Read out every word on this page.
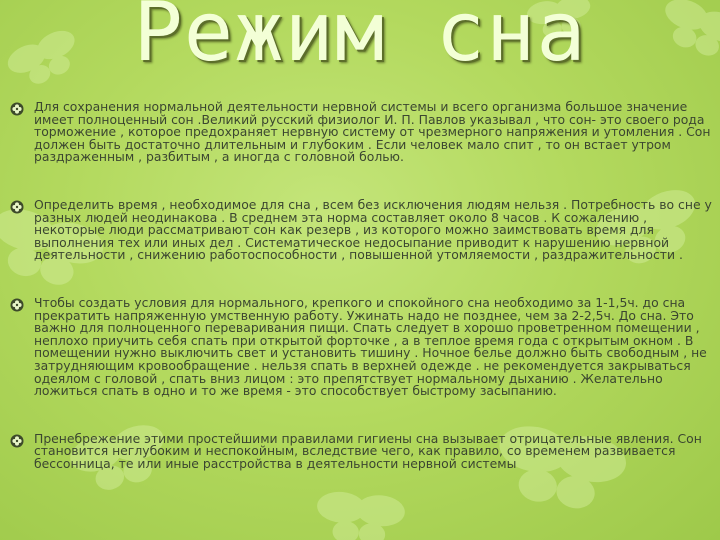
Режим сна

Для сохранения нормальной деятельности нервной системы и всего организма большое значение имеет полноценный сон .Великий русский физиолог И. П. Павлов указывал , что сон- это своего рода торможение , которое предохраняет нервную систему от чрезмерного напряжения и утомления . Сон должен быть достаточно длительным и глубоким . Если человек мало спит , то он встает утром раздраженным , разбитым , а иногда с головной болью.

Определить время , необходимое для сна , всем без исключения людям нельзя . Потребность во сне у разных людей неодинакова . В среднем эта норма составляет около 8 часов . К сожалению , некоторые люди рассматривают сон как резерв , из которого можно заимствовать время для выполнения тех или иных дел . Систематическое недосыпание приводит к нарушению нервной деятельности , снижению работоспособности , повышенной утомляемости , раздражительности .

Чтобы создать условия для нормального, крепкого и спокойного сна необходимо за 1-1,5ч. до сна прекратить напряженную умственную работу. Ужинать надо не позднее, чем за 2-2,5ч. До сна. Это важно для полноценного переваривания пищи. Спать следует в хорошо проветренном помещении , неплохо приучить себя спать при открытой форточке , а в теплое время года с открытым окном . В помещении нужно выключить свет и установить тишину . Ночное белье должно быть свободным , не затрудняющим кровообращение . нельзя спать в верхней одежде . не рекомендуется закрываться одеялом с головой , спать вниз лицом : это препятствует нормальному дыханию . Желательно ложиться спать в одно и то же время - это способствует быстрому засыпанию.

Пренебрежение этими простейшими правилами гигиены сна вызывает отрицательные явления. Сон становится неглубоким и неспокойным, вследствие чего, как правило, со временем развивается бессонница, те или иные расстройства в деятельности нервной системы
